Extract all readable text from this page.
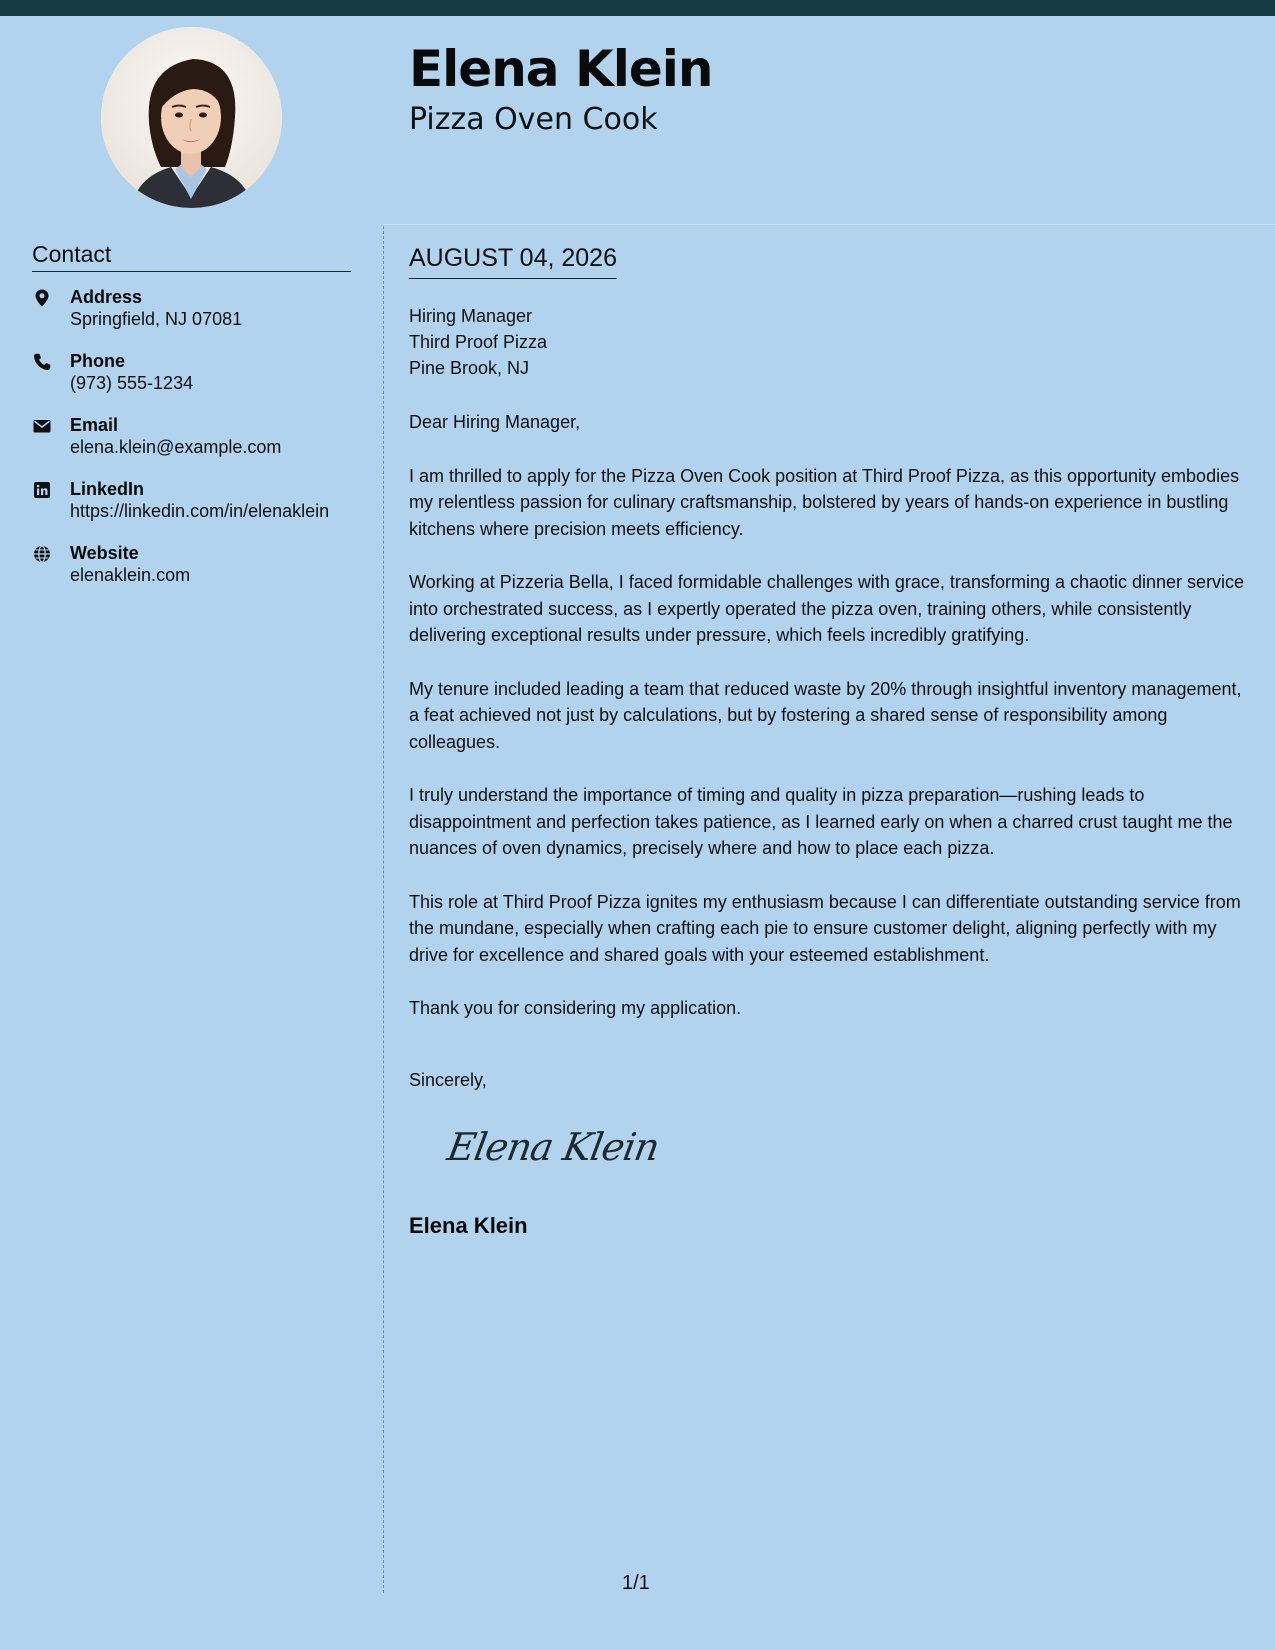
Elena Klein
Pizza Oven Cook
Contact
Address
Springfield, NJ 07081
Phone
(973) 555-1234
Email
elena.klein@example.com
LinkedIn
https://linkedin.com/in/elenaklein
Website
elenaklein.com
AUGUST 04, 2026
Hiring Manager
Third Proof Pizza
Pine Brook, NJ
Dear Hiring Manager,
I am thrilled to apply for the Pizza Oven Cook position at Third Proof Pizza, as this opportunity embodies my relentless passion for culinary craftsmanship, bolstered by years of hands-on experience in bustling kitchens where precision meets efficiency.
Working at Pizzeria Bella, I faced formidable challenges with grace, transforming a chaotic dinner service into orchestrated success, as I expertly operated the pizza oven, training others, while consistently delivering exceptional results under pressure, which feels incredibly gratifying.
My tenure included leading a team that reduced waste by 20% through insightful inventory management, a feat achieved not just by calculations, but by fostering a shared sense of responsibility among colleagues.
I truly understand the importance of timing and quality in pizza preparation—rushing leads to disappointment and perfection takes patience, as I learned early on when a charred crust taught me the nuances of oven dynamics, precisely where and how to place each pizza.
This role at Third Proof Pizza ignites my enthusiasm because I can differentiate outstanding service from the mundane, especially when crafting each pie to ensure customer delight, aligning perfectly with my drive for excellence and shared goals with your esteemed establishment.
Thank you for considering my application.
Sincerely,
Elena Klein
Elena Klein
1/1
